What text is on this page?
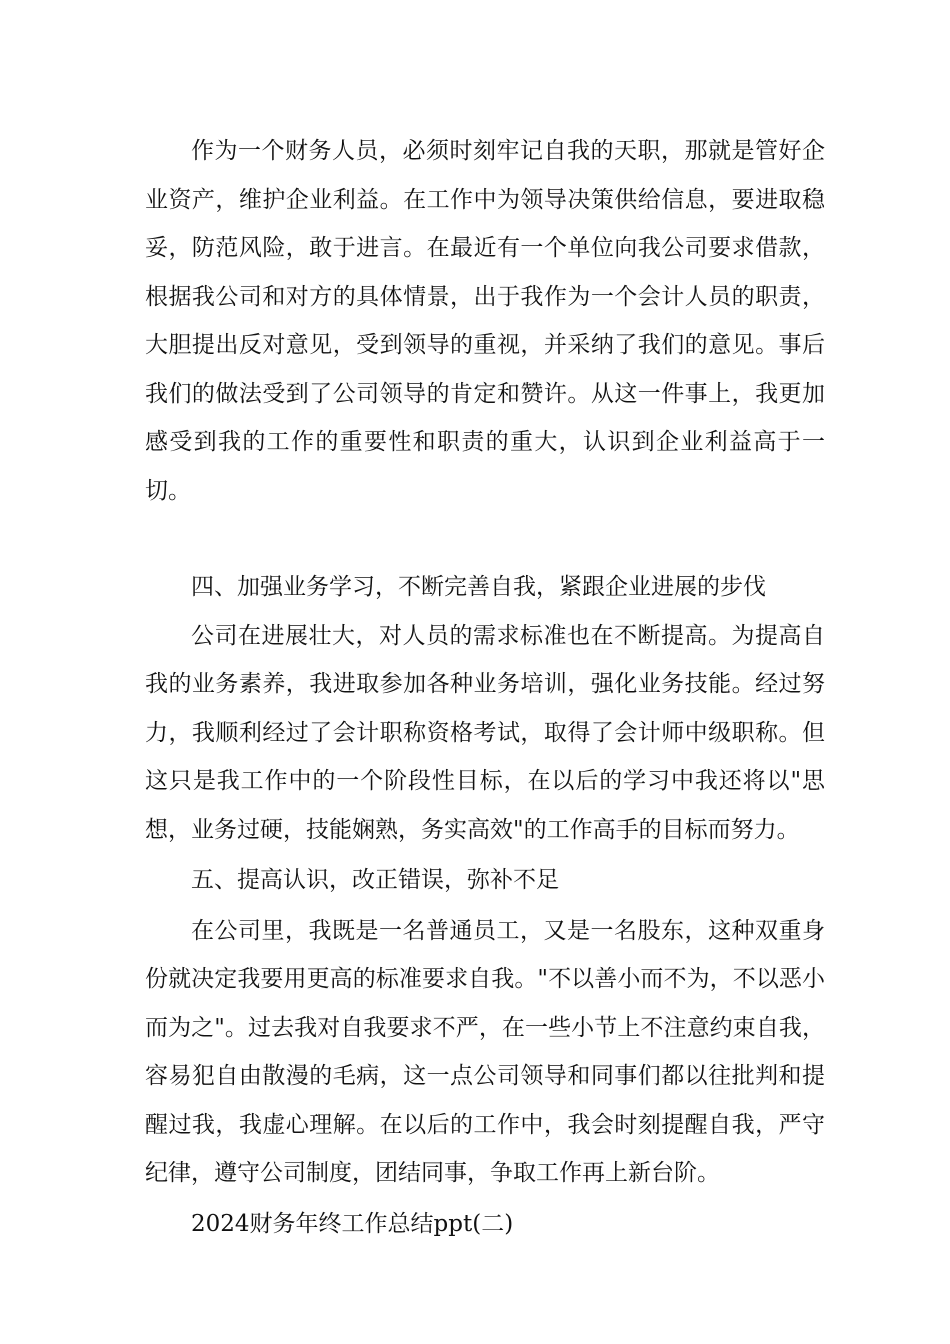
作为一个财务人员，必须时刻牢记自我的天职，那就是管好企业资产，维护企业利益。在工作中为领导决策供给信息，要进取稳妥，防范风险，敢于进言。在最近有一个单位向我公司要求借款，根据我公司和对方的具体情景，出于我作为一个会计人员的职责，大胆提出反对意见，受到领导的重视，并采纳了我们的意见。事后我们的做法受到了公司领导的肯定和赞许。从这一件事上，我更加感受到我的工作的重要性和职责的重大，认识到企业利益高于一切。

四、加强业务学习，不断完善自我，紧跟企业进展的步伐

公司在进展壮大，对人员的需求标准也在不断提高。为提高自我的业务素养，我进取参加各种业务培训，强化业务技能。经过努力，我顺利经过了会计职称资格考试，取得了会计师中级职称。但这只是我工作中的一个阶段性目标，在以后的学习中我还将以"思想，业务过硬，技能娴熟，务实高效"的工作高手的目标而努力。

五、提高认识，改正错误，弥补不足

在公司里，我既是一名普通员工，又是一名股东，这种双重身份就决定我要用更高的标准要求自我。"不以善小而不为，不以恶小而为之"。过去我对自我要求不严，在一些小节上不注意约束自我，容易犯自由散漫的毛病，这一点公司领导和同事们都以往批判和提醒过我，我虚心理解。在以后的工作中，我会时刻提醒自我，严守纪律，遵守公司制度，团结同事，争取工作再上新台阶。

2024财务年终工作总结ppt(二)
